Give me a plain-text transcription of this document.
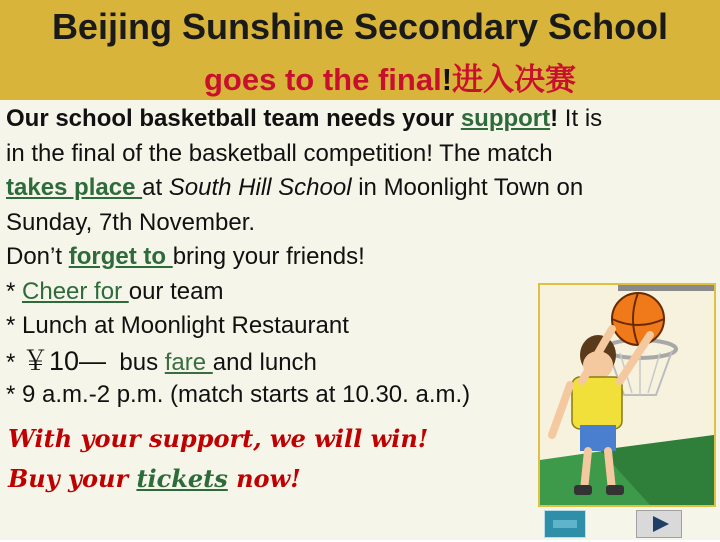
Beijing Sunshine Secondary School
goes to the final!进入决赛
Our school basketball team needs your support! It is
in the final of the basketball competition! The match
takes place at South Hill School in Moonlight Town on
Sunday, 7th November.
Don’t forget to bring your friends!
* Cheer for our team
* Lunch at Moonlight Restaurant
* ￥10—  bus fare and lunch
* 9 a.m.-2 p.m. (match starts at 10.30. a.m.)
With your support, we will win!
Buy your tickets now!
